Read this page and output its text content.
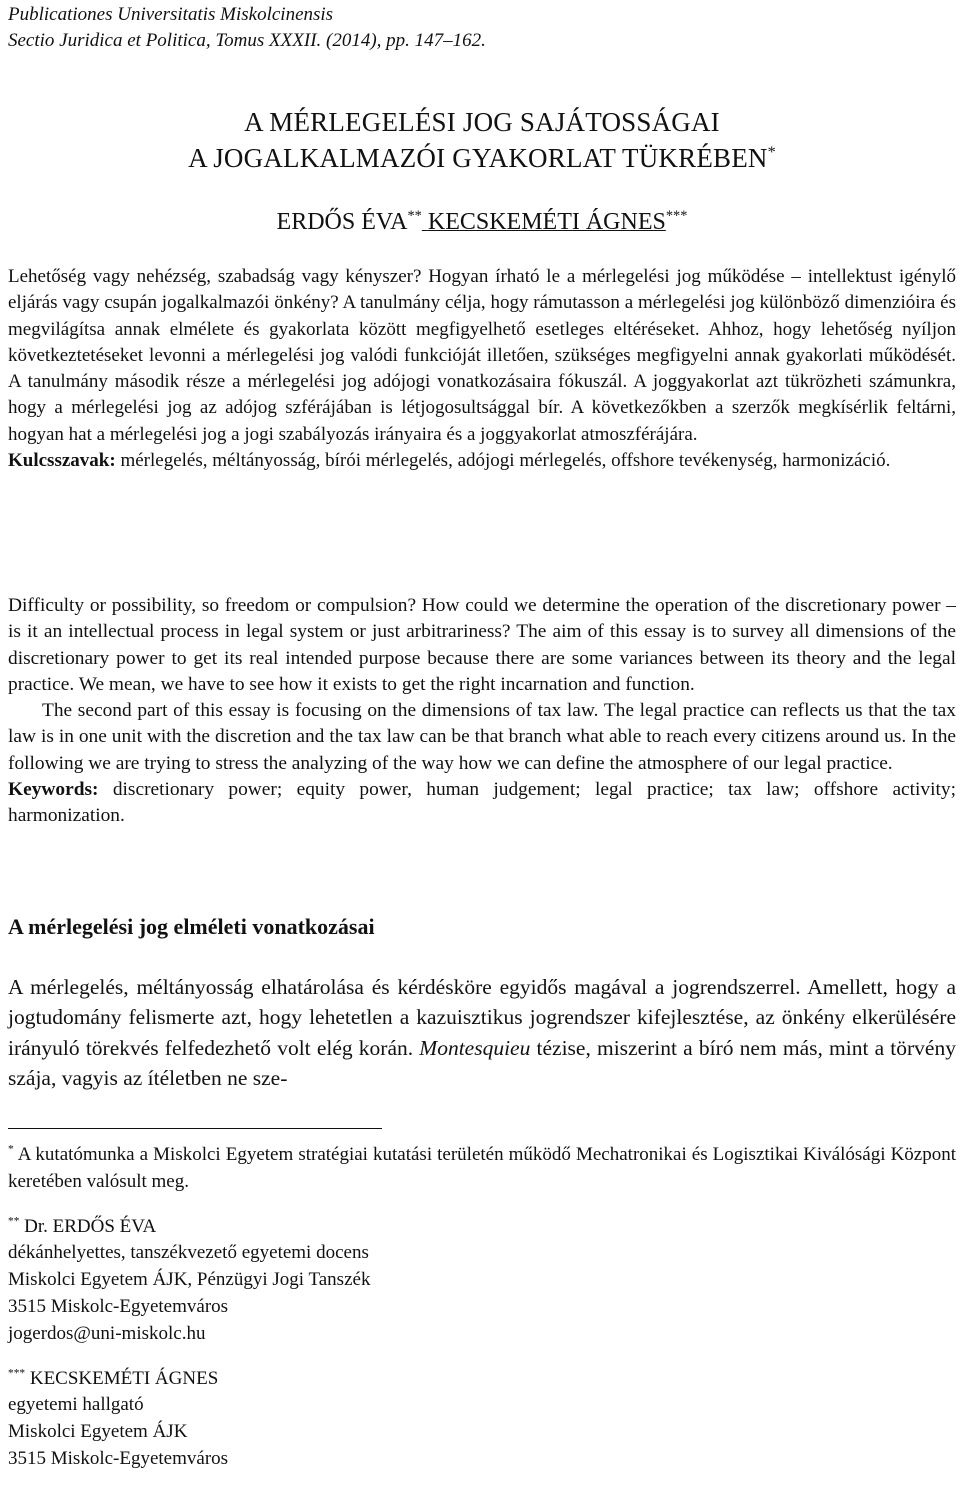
Publicationes Universitatis Miskolcinensis
Sectio Juridica et Politica, Tomus XXXII. (2014), pp. 147–162.
A MÉRLEGELÉSI JOG SAJÁTOSSÁGAI
A JOGALKALMAZÓI GYAKORLAT TÜKRÉBEN*
ERDŐS ÉVA** KECSKEMÉTI ÁGNES***

Lehetőség vagy nehézség, szabadság vagy kényszer? Hogyan írható le a mérlegelési jog működése – intellektust igénylő eljárás vagy csupán jogalkalmazói önkény? A tanulmány célja, hogy rámutasson a mérlegelési jog különböző dimenzióira és megvilágítsa annak elmélete és gyakorlata között megfigyelhető esetleges eltéréseket. Ahhoz, hogy lehetőség nyíljon következtetéseket levonni a mérlegelési jog valódi funkcióját illetően, szükséges megfigyelni annak gyakorlati működését. A tanulmány második része a mérlegelési jog adójogi vonatkozásaira fókuszál. A joggyakorlat azt tükrözheti számunkra, hogy a mérlegelési jog az adójog szférájában is létjogosultsággal bír. A következőkben a szerzők megkísérlik feltárni, hogyan hat a mérlegelési jog a jogi szabályozás irányaira és a joggyakorlat atmoszférájára.

Kulcsszavak: mérlegelés, méltányosság, bírói mérlegelés, adójogi mérlegelés, offshore tevékenység, harmonizáció.

Difficulty or possibility, so freedom or compulsion? How could we determine the operation of the discretionary power – is it an intellectual process in legal system or just arbitrariness? The aim of this essay is to survey all dimensions of the discretionary power to get its real intended purpose because there are some variances between its theory and the legal practice. We mean, we have to see how it exists to get the right incarnation and function.

The second part of this essay is focusing on the dimensions of tax law. The legal practice can reflects us that the tax law is in one unit with the discretion and the tax law can be that branch what able to reach every citizens around us. In the following we are trying to stress the analyzing of the way how we can define the atmosphere of our legal practice.

Keywords: discretionary power; equity power, human judgement; legal practice; tax law; offshore activity; harmonization.

A mérlegelési jog elméleti vonatkozásai

A mérlegelés, méltányosság elhatárolása és kérdésköre egyidős magával a jogrendszerrel. Amellett, hogy a jogtudomány felismerte azt, hogy lehetetlen a kazuisztikus jogrendszer kifejlesztése, az önkény elkerülésére irányuló törekvés felfedezhető volt elég korán. Montesquieu tézise, miszerint a bíró nem más, mint a törvény szája, vagyis az ítéletben ne sze-

* A kutatómunka a Miskolci Egyetem stratégiai kutatási területén működő Mechatronikai és Logisztikai Kiválósági Központ keretében valósult meg.

** Dr. ERDŐS ÉVA
dékánhelyettes, tanszékvezető egyetemi docens
Miskolci Egyetem ÁJK, Pénzügyi Jogi Tanszék
3515 Miskolc-Egyetemváros
jogerdos@uni-miskolc.hu
*** KECSKEMÉTI ÁGNES
egyetemi hallgató
Miskolci Egyetem ÁJK
3515 Miskolc-Egyetemváros
